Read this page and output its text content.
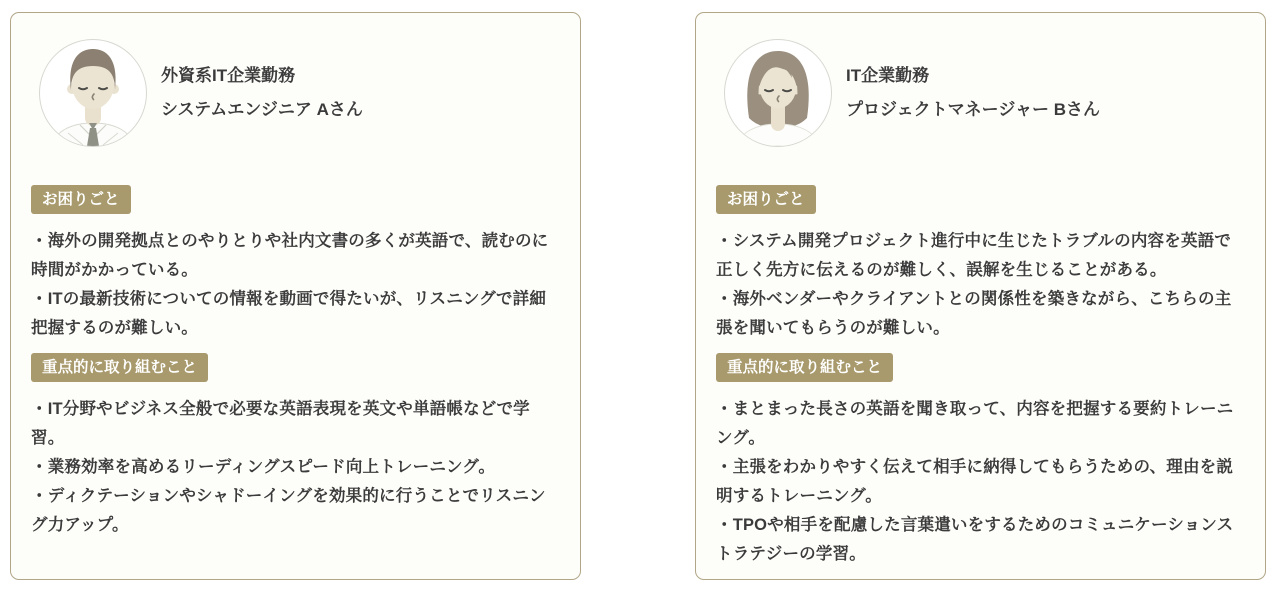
外資系IT企業勤務
システムエンジニア Aさん
お困りごと

・海外の開発拠点とのやりとりや社内文書の多くが英語で、読むのに時間がかかっている。

・ITの最新技術についての情報を動画で得たいが、リスニングで詳細把握するのが難しい。

重点的に取り組むこと

・IT分野やビジネス全般で必要な英語表現を英文や単語帳などで学習。

・業務効率を高めるリーディングスピード向上トレーニング。

・ディクテーションやシャドーイングを効果的に行うことでリスニング力アップ。

IT企業勤務
プロジェクトマネージャー Bさん
お困りごと

・システム開発プロジェクト進行中に生じたトラブルの内容を英語で正しく先方に伝えるのが難しく、誤解を生じることがある。

・海外ベンダーやクライアントとの関係性を築きながら、こちらの主張を聞いてもらうのが難しい。

重点的に取り組むこと

・まとまった長さの英語を聞き取って、内容を把握する要約トレーニング。

・主張をわかりやすく伝えて相手に納得してもらうための、理由を説明するトレーニング。

・TPOや相手を配慮した言葉遣いをするためのコミュニケーションストラテジーの学習。
